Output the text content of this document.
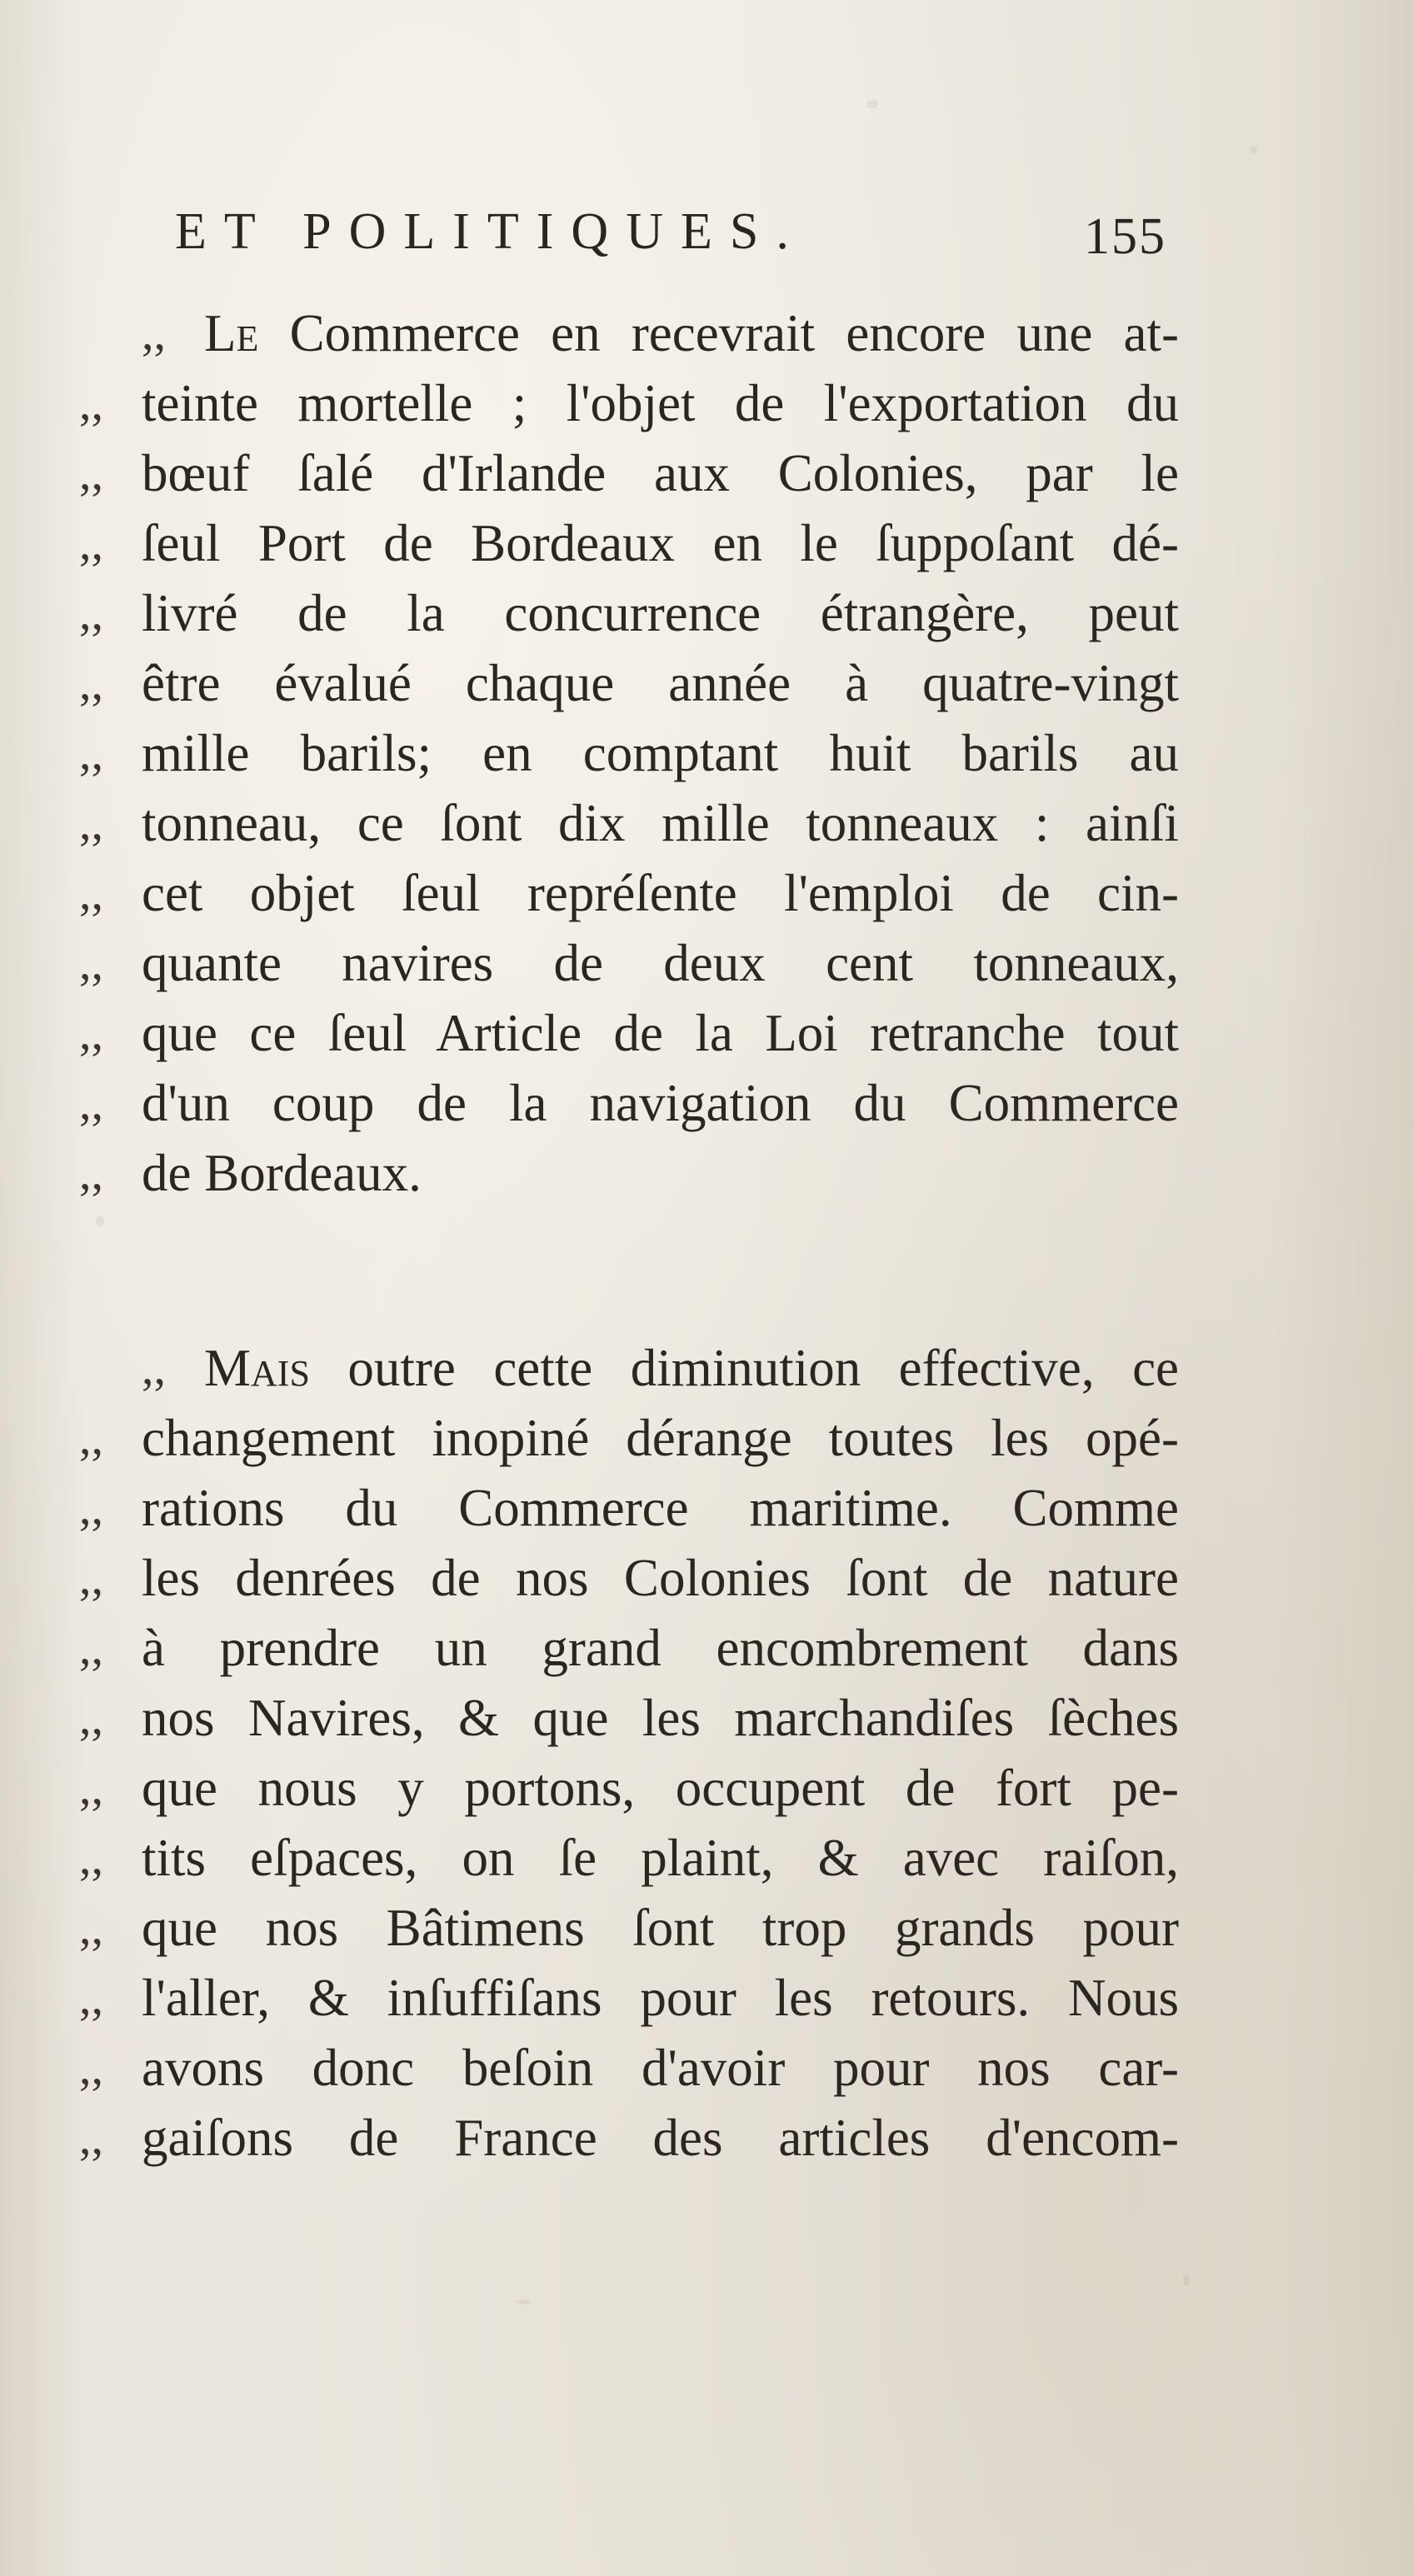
ET POLITIQUES.	155
,, Le Commerce en recevrait encore une at-
,, teinte mortelle ; l'objet de l'exportation du
,, bœuf ſalé d'Irlande aux Colonies, par le
,, ſeul Port de Bordeaux en le ſuppoſant dé-
,, livré de la concurrence étrangère, peut
,, être évalué chaque année à quatre-vingt
,, mille barils; en comptant huit barils au
,, tonneau, ce ſont dix mille tonneaux : ainſi
,, cet objet ſeul repréſente l'emploi de cin-
,, quante navires de deux cent tonneaux,
,, que ce ſeul Article de la Loi retranche tout
,, d'un coup de la navigation du Commerce
,, de Bordeaux.
,, Mais outre cette diminution effective, ce
,, changement inopiné dérange toutes les opé-
,, rations du Commerce maritime. Comme
,, les denrées de nos Colonies ſont de nature
,, à prendre un grand encombrement dans
,, nos Navires, & que les marchandiſes ſèches
,, que nous y portons, occupent de fort pe-
,, tits eſpaces, on ſe plaint, & avec raiſon,
,, que nos Bâtimens ſont trop grands pour
,, l'aller, & inſuffiſans pour les retours. Nous
,, avons donc beſoin d'avoir pour nos car-
,, gaiſons de France des articles d'encom-
